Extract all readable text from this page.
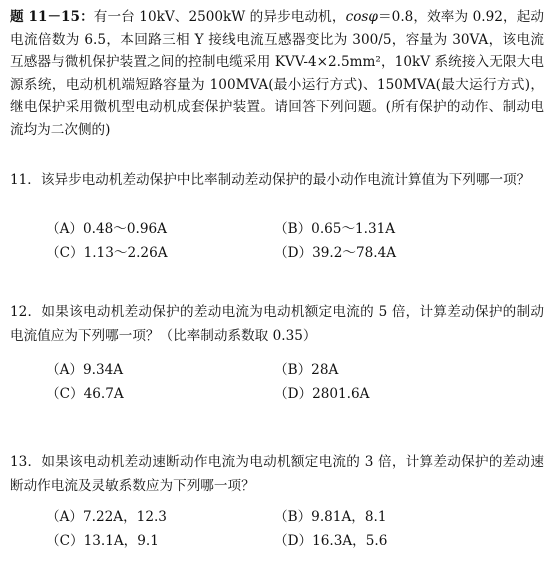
题 11－15：有一台 10kV、2500kW 的异步电动机，cosφ＝0.8，效率为 0.92，起动电流倍数为 6.5，本回路三相 Y 接线电流互感器变比为 300/5，容量为 30VA，该电流互感器与微机保护装置之间的控制电缆采用 KVV-4×2.5mm²，10kV 系统接入无限大电源系统，电动机机端短路容量为 100MVA(最小运行方式)、150MVA(最大运行方式)，继电保护采用微机型电动机成套保护装置。请回答下列问题。(所有保护的动作、制动电流均为二次侧的)
11．该异步电动机差动保护中比率制动差动保护的最小动作电流计算值为下列哪一项？
（A）0.48～0.96A	（B）0.65～1.31A
（C）1.13～2.26A	（D）39.2～78.4A
12．如果该电动机差动保护的差动电流为电动机额定电流的 5 倍，计算差动保护的制动电流值应为下列哪一项？（比率制动系数取 0.35）
（A）9.34A	（B）28A
（C）46.7A	（D）2801.6A
13．如果该电动机差动速断动作电流为电动机额定电流的 3 倍，计算差动保护的差动速断动作电流及灵敏系数应为下列哪一项？
（A）7.22A，12.3	（B）9.81A，8.1
（C）13.1A，9.1	（D）16.3A，5.6
